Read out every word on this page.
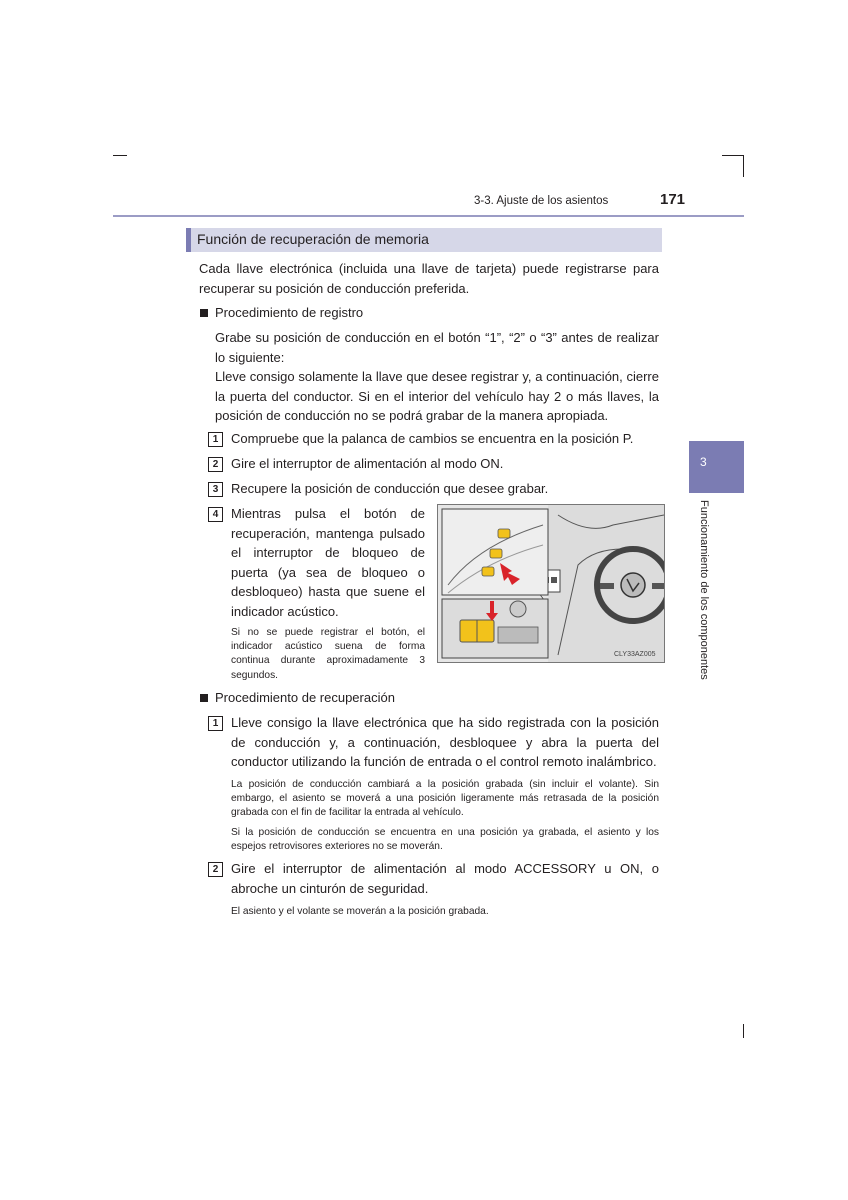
3-3. Ajuste de los asientos	171
3
Funcionamiento de los componentes
Función de recuperación de memoria
Cada llave electrónica (incluida una llave de tarjeta) puede registrarse para recuperar su posición de conducción preferida.
Procedimiento de registro
Grabe su posición de conducción en el botón “1”, “2” o “3” antes de realizar lo siguiente:
Lleve consigo solamente la llave que desee registrar y, a continuación, cierre la puerta del conductor. Si en el interior del vehículo hay 2 o más llaves, la posición de conducción no se podrá grabar de la manera apropiada.
1 Compruebe que la palanca de cambios se encuentra en la posición P.
2 Gire el interruptor de alimentación al modo ON.
3 Recupere la posición de conducción que desee grabar.
4 Mientras pulsa el botón de recuperación, mantenga pulsado el interruptor de bloqueo de puerta (ya sea de bloqueo o desbloqueo) hasta que suene el indicador acústico.
Si no se puede registrar el botón, el indicador acústico suena de forma continua durante aproximadamente 3 segundos.
CLY33AZ005
Procedimiento de recuperación
1 Lleve consigo la llave electrónica que ha sido registrada con la posición de conducción y, a continuación, desbloquee y abra la puerta del conductor utilizando la función de entrada o el control remoto inalámbrico.
La posición de conducción cambiará a la posición grabada (sin incluir el volante). Sin embargo, el asiento se moverá a una posición ligeramente más retrasada de la posición grabada con el fin de facilitar la entrada al vehículo.
Si la posición de conducción se encuentra en una posición ya grabada, el asiento y los espejos retrovisores exteriores no se moverán.
2 Gire el interruptor de alimentación al modo ACCESSORY u ON, o abroche un cinturón de seguridad.
El asiento y el volante se moverán a la posición grabada.
